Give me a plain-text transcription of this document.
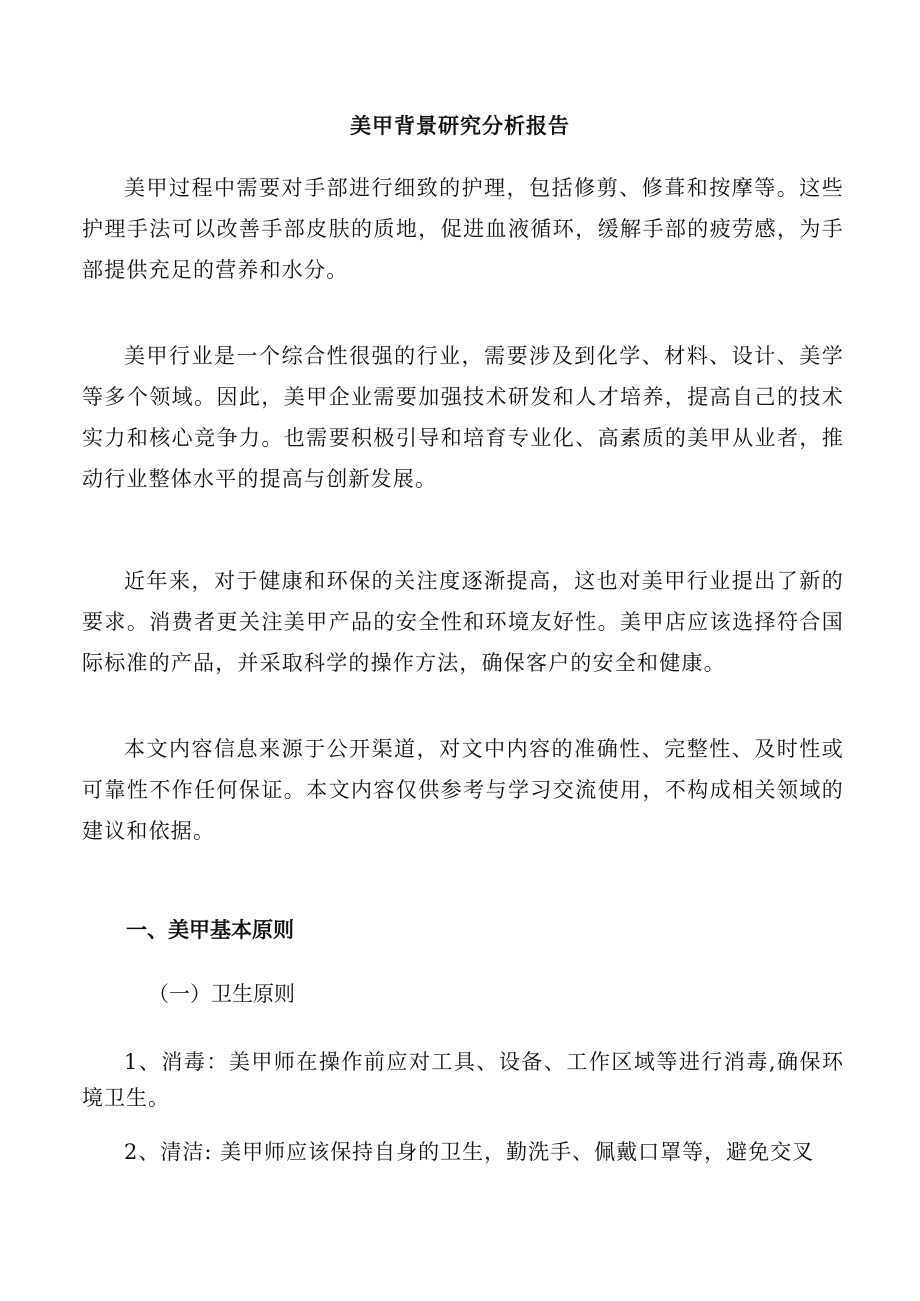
美甲背景研究分析报告

美甲过程中需要对手部进行细致的护理，包括修剪、修葺和按摩等。这些护理手法可以改善手部皮肤的质地，促进血液循环，缓解手部的疲劳感，为手部提供充足的营养和水分。

美甲行业是一个综合性很强的行业，需要涉及到化学、材料、设计、美学等多个领域。因此，美甲企业需要加强技术研发和人才培养，提高自己的技术实力和核心竞争力。也需要积极引导和培育专业化、高素质的美甲从业者，推动行业整体水平的提高与创新发展。

近年来，对于健康和环保的关注度逐渐提高，这也对美甲行业提出了新的要求。消费者更关注美甲产品的安全性和环境友好性。美甲店应该选择符合国际标准的产品，并采取科学的操作方法，确保客户的安全和健康。

本文内容信息来源于公开渠道，对文中内容的准确性、完整性、及时性或可靠性不作任何保证。本文内容仅供参考与学习交流使用，不构成相关领域的建议和依据。

一、美甲基本原则
（一）卫生原则

1、消毒：美甲师在操作前应对工具、设备、工作区域等进行消毒,确保环境卫生。

2、清洁: 美甲师应该保持自身的卫生，勤洗手、佩戴口罩等，避免交叉
